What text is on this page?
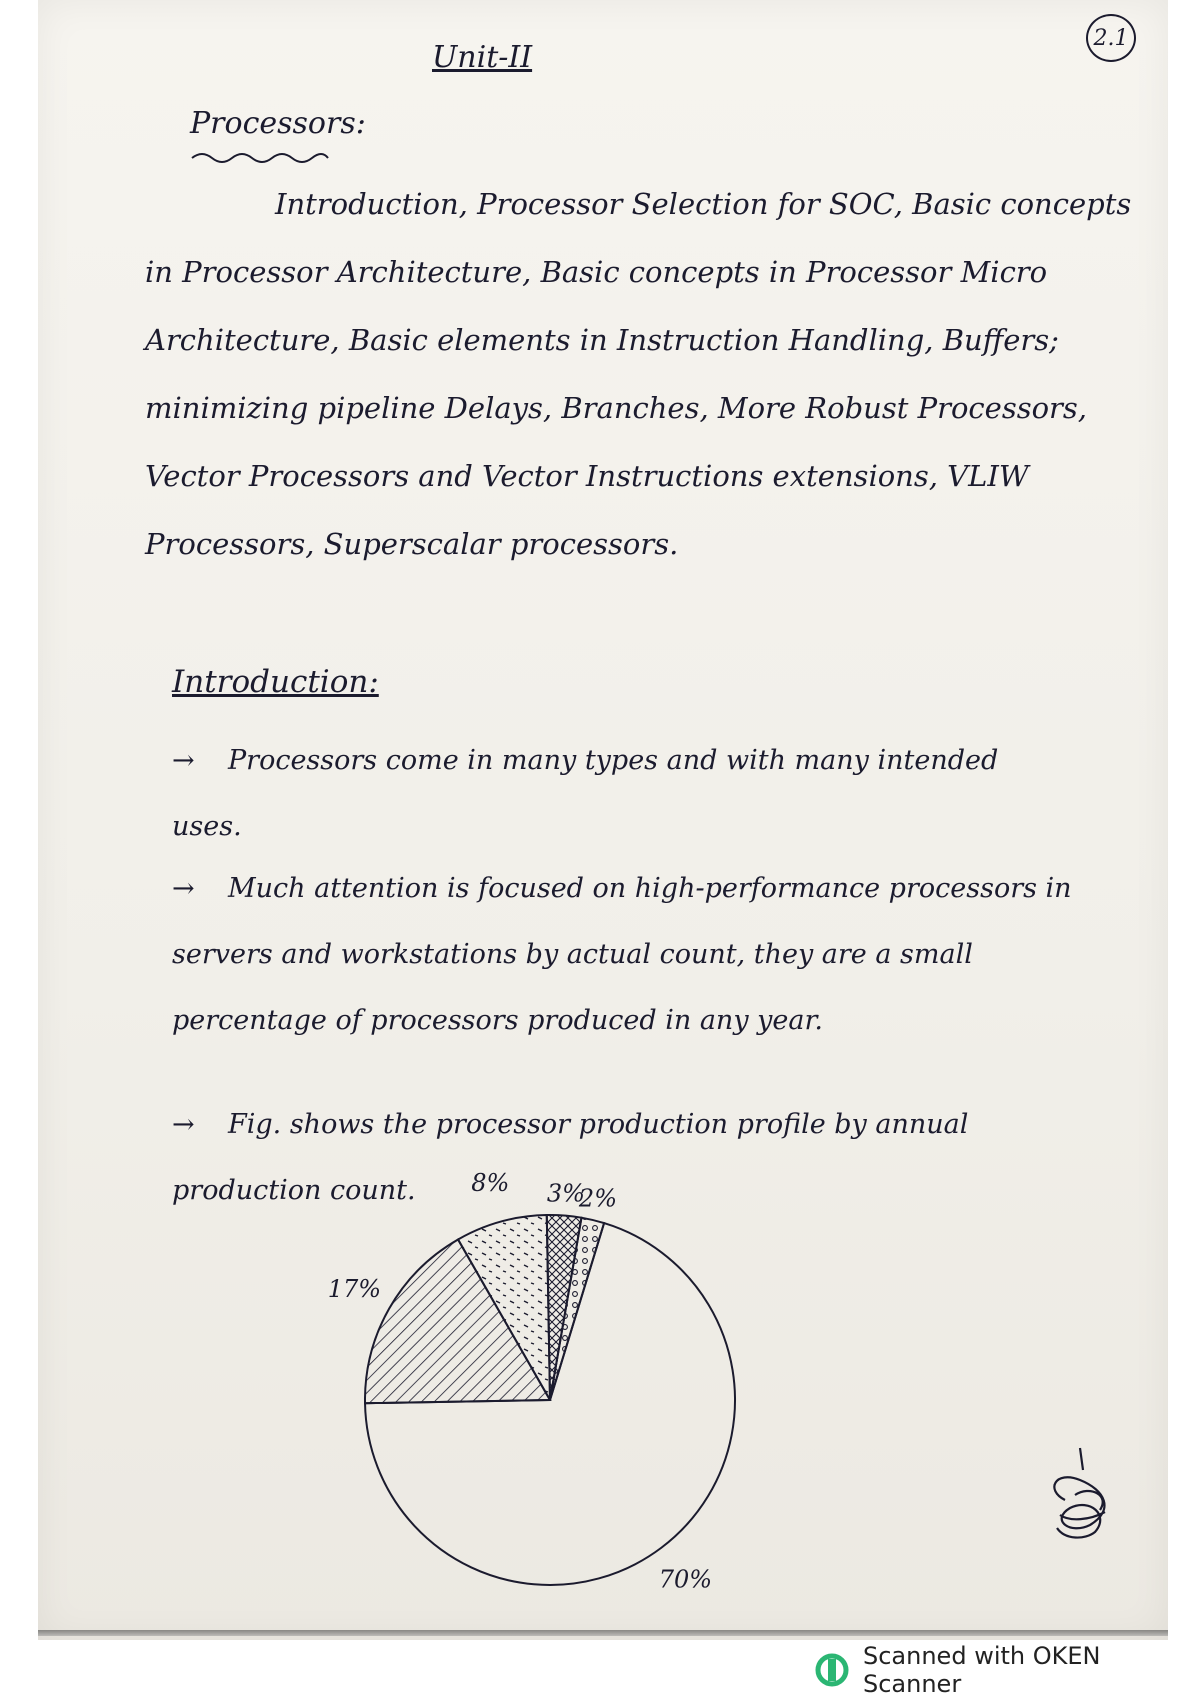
2.1
Unit-II
Processors:
Introduction, Processor Selection for SOC, Basic concepts in Processor Architecture, Basic concepts in Processor Micro Architecture, Basic elements in Instruction Handling, Buffers; minimizing pipeline Delays, Branches, More Robust Processors, Vector Processors and Vector Instructions extensions, VLIW Processors, Superscalar processors.
Introduction:
→ Processors come in many types and with many intended uses.
→ Much attention is focused on high-performance processors in servers and workstations by actual count, they are a small percentage of processors produced in any year.
→ Fig. shows the processor production profile by annual production count.
70%
17%
8% 3%
2%
Scanned with OKEN Scanner
